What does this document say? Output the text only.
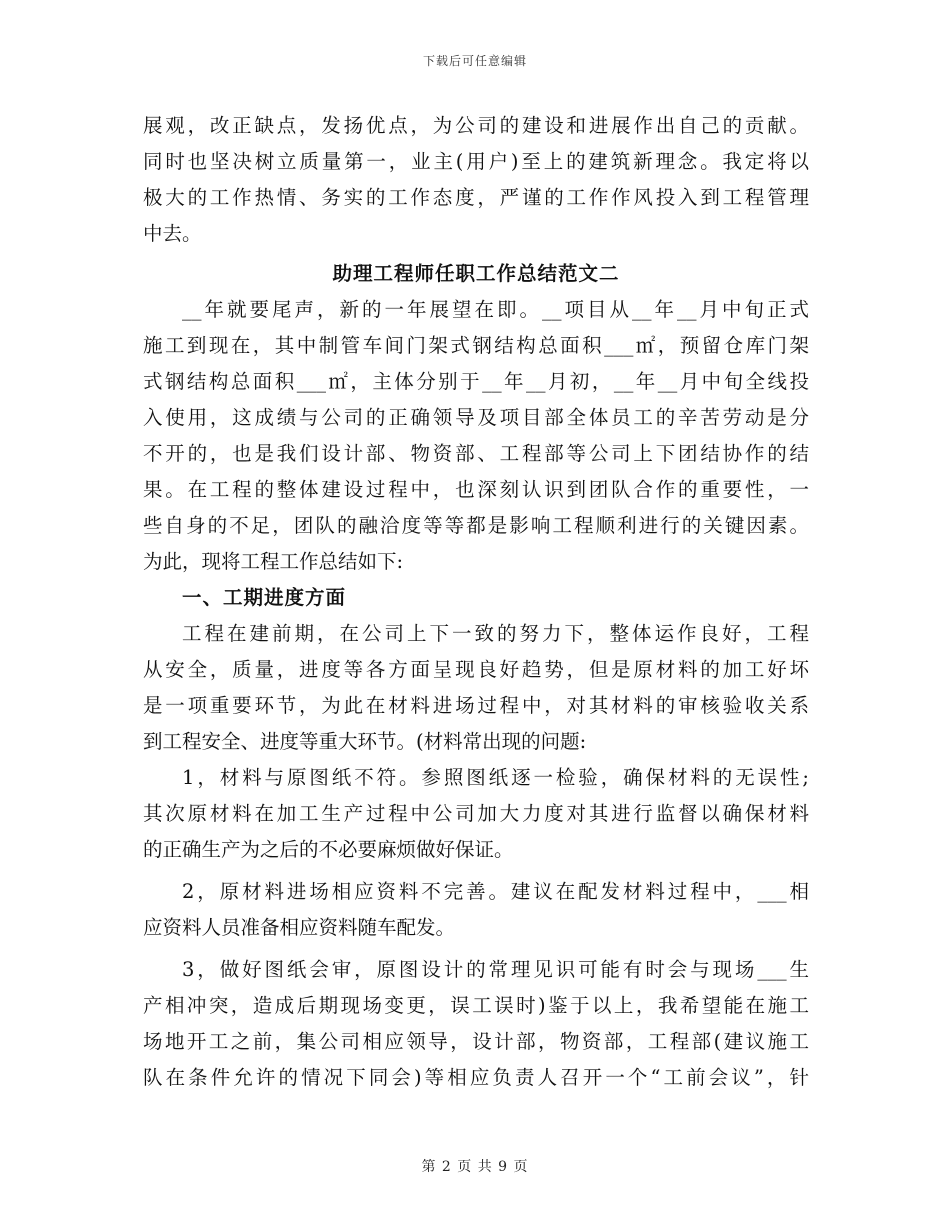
下载后可任意编辑
展观，改正缺点，发扬优点，为公司的建设和进展作出自己的贡献。
同时也坚决树立质量第一，业主(用户)至上的建筑新理念。我定将以
极大的工作热情、务实的工作态度，严谨的工作作风投入到工程管理
中去。
助理工程师任职工作总结范文二
__年就要尾声，新的一年展望在即。__项目从__年__月中旬正式
施工到现在，其中制管车间门架式钢结构总面积___㎡，预留仓库门架
式钢结构总面积___㎡，主体分别于__年__月初，__年__月中旬全线投
入使用，这成绩与公司的正确领导及项目部全体员工的辛苦劳动是分
不开的，也是我们设计部、物资部、工程部等公司上下团结协作的结
果。在工程的整体建设过程中，也深刻认识到团队合作的重要性，一
些自身的不足，团队的融洽度等等都是影响工程顺利进行的关键因素。
为此，现将工程工作总结如下:
一、工期进度方面
工程在建前期，在公司上下一致的努力下，整体运作良好，工程
从安全，质量，进度等各方面呈现良好趋势，但是原材料的加工好坏
是一项重要环节，为此在材料进场过程中，对其材料的审核验收关系
到工程安全、进度等重大环节。(材料常出现的问题:
1，材料与原图纸不符。参照图纸逐一检验，确保材料的无误性;
其次原材料在加工生产过程中公司加大力度对其进行监督以确保材料
的正确生产为之后的不必要麻烦做好保证。
2，原材料进场相应资料不完善。建议在配发材料过程中，___相
应资料人员准备相应资料随车配发。
3，做好图纸会审，原图设计的常理见识可能有时会与现场___生
产相冲突，造成后期现场变更，误工误时)鉴于以上，我希望能在施工
场地开工之前，集公司相应领导，设计部，物资部，工程部(建议施工
队在条件允许的情况下同会)等相应负责人召开一个“工前会议”，针
第 2 页 共 9 页
